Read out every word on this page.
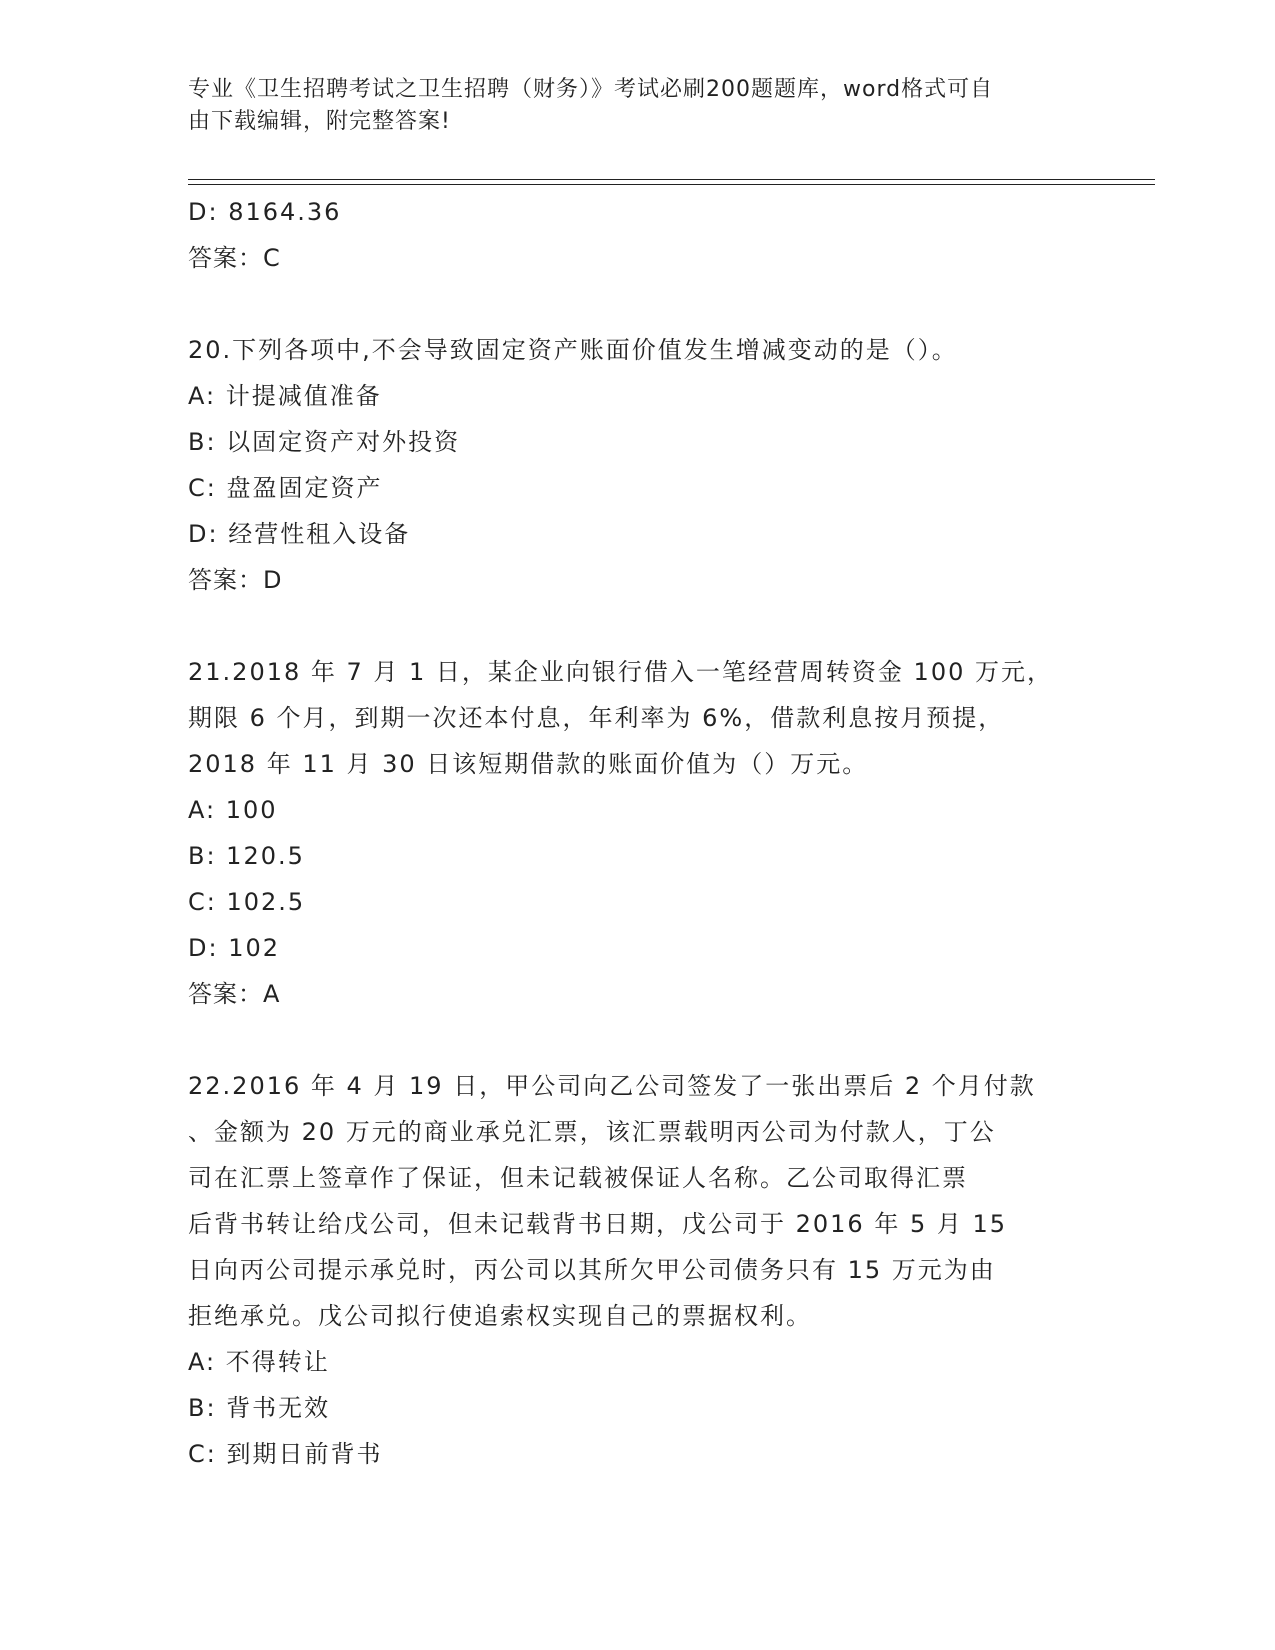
专业《卫生招聘考试之卫生招聘（财务）》考试必刷200题题库，word格式可自
由下载编辑，附完整答案!

D: 8164.36

答案：C

20.下列各项中,不会导致固定资产账面价值发生增减变动的是（）。

A: 计提减值准备

B: 以固定资产对外投资

C: 盘盈固定资产

D: 经营性租入设备

答案：D

21.2018 年 7 月 1 日，某企业向银行借入一笔经营周转资金 100 万元，

期限 6 个月，到期一次还本付息，年利率为 6%，借款利息按月预提，

2018 年 11 月 30 日该短期借款的账面价值为（）万元。

A: 100

B: 120.5

C: 102.5

D: 102

答案：A

22.2016 年 4 月 19 日，甲公司向乙公司签发了一张出票后 2 个月付款

、金额为 20 万元的商业承兑汇票，该汇票载明丙公司为付款人，丁公

司在汇票上签章作了保证，但未记载被保证人名称。乙公司取得汇票

后背书转让给戊公司，但未记载背书日期，戊公司于 2016 年 5 月 15

日向丙公司提示承兑时，丙公司以其所欠甲公司债务只有 15 万元为由

拒绝承兑。戊公司拟行使追索权实现自己的票据权利。

A: 不得转让

B: 背书无效

C: 到期日前背书
